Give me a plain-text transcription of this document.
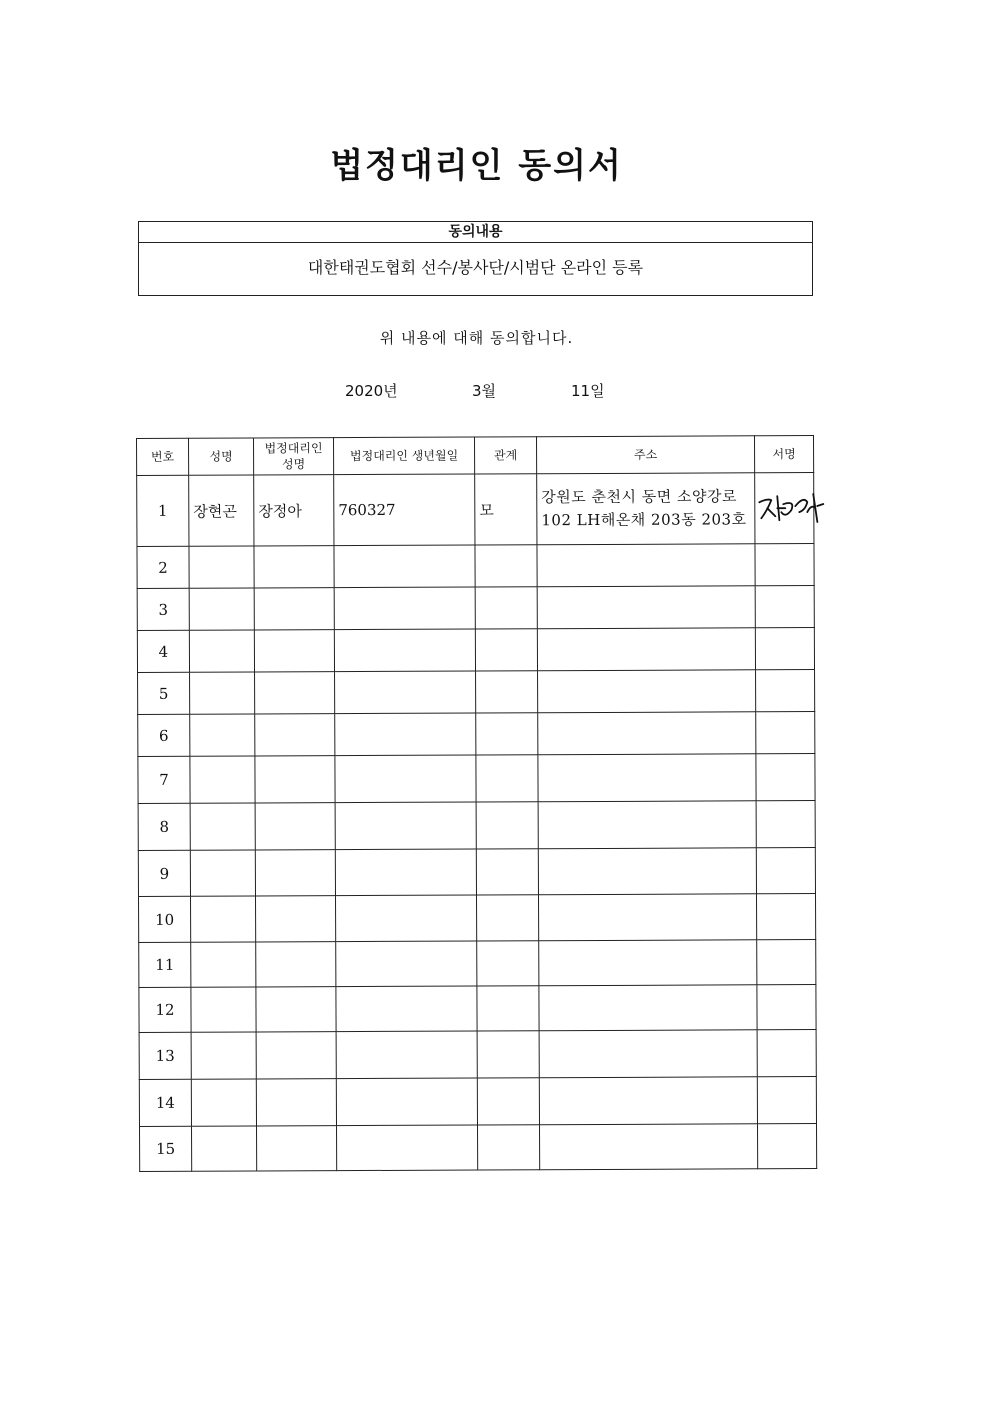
법정대리인 동의서
동의내용
대한태권도협회 선수/봉사단/시범단 온라인 등록
위 내용에 대해 동의합니다.
2020년	3월	11일
번호	성명	법정대리인 성명	법정대리인 생년월일	관계	주소	서명
1	장현곤	장정아	760327	모	강원도 춘천시 동면 소양강로 102 LH해온채 203동 203호	

2						
3						
4						
5						
6						
7						
8						
9						
10						
11						
12						
13						
14						
15						
